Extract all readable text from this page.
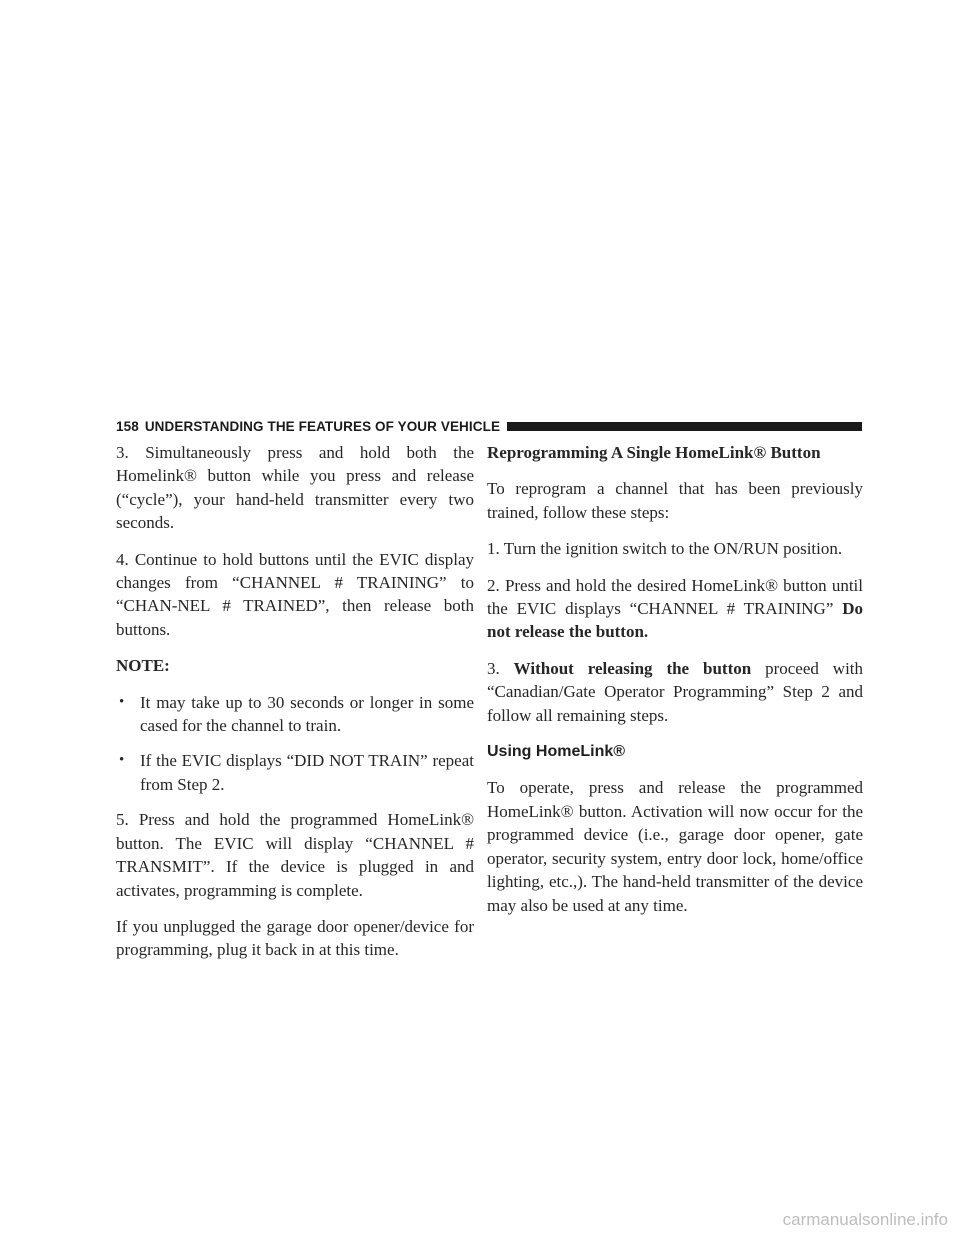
158 UNDERSTANDING THE FEATURES OF YOUR VEHICLE

3. Simultaneously press and hold both the Homelink® button while you press and release (“cycle”), your hand-held transmitter every two seconds.

4. Continue to hold buttons until the EVIC display changes from “CHANNEL # TRAINING” to “CHAN-NEL # TRAINED”, then release both buttons.

NOTE:

• It may take up to 30 seconds or longer in some cased for the channel to train.
• If the EVIC displays “DID NOT TRAIN” repeat from Step 2.

5. Press and hold the programmed HomeLink® button. The EVIC will display “CHANNEL # TRANSMIT”. If the device is plugged in and activates, programming is complete.

If you unplugged the garage door opener/device for programming, plug it back in at this time.

Reprogramming A Single HomeLink® Button

To reprogram a channel that has been previously trained, follow these steps:

1. Turn the ignition switch to the ON/RUN position.

2. Press and hold the desired HomeLink® button until the EVIC displays “CHANNEL # TRAINING” Do not release the button.

3. Without releasing the button proceed with “Canadian/Gate Operator Programming” Step 2 and follow all remaining steps.

Using HomeLink®

To operate, press and release the programmed HomeLink® button. Activation will now occur for the programmed device (i.e., garage door opener, gate operator, security system, entry door lock, home/office lighting, etc.,). The hand-held transmitter of the device may also be used at any time.

carmanualsonline.info
